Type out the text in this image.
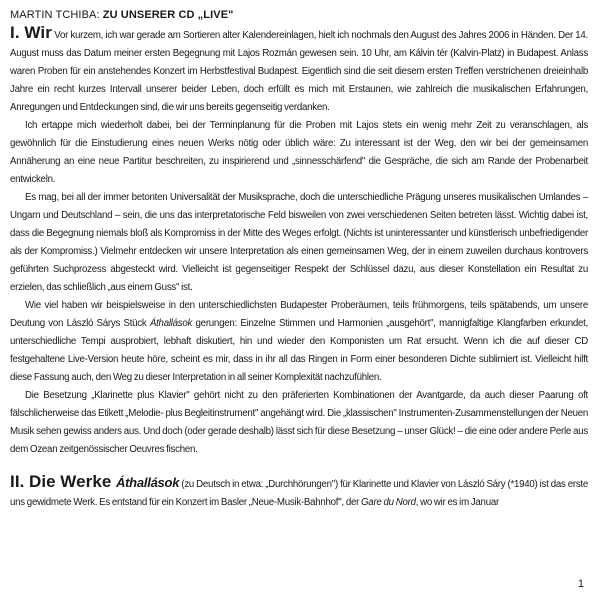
MARTIN TCHIBA: ZU UNSERER CD „LIVE"

I. Wir Vor kurzem, ich war gerade am Sortieren alter Kalendereinlagen, hielt ich nochmals den August des Jahres 2006 in Händen. Der 14. August muss das Datum meiner ersten Begegnung mit Lajos Rozmán gewesen sein. 10 Uhr, am Kálvin tér (Kalvin-Platz) in Budapest. Anlass waren Proben für ein anstehendes Konzert im Herbstfestival Budapest. Eigentlich sind die seit diesem ersten Treffen verstrichenen dreieinhalb Jahre ein recht kurzes Intervall unserer beider Leben, doch erfüllt es mich mit Erstaunen, wie zahlreich die musikalischen Erfahrungen, Anregungen und Entdeckungen sind, die wir uns bereits gegenseitig verdanken.

Ich ertappe mich wiederholt dabei, bei der Terminplanung für die Proben mit Lajos stets ein wenig mehr Zeit zu veranschlagen, als gewöhnlich für die Einstudierung eines neuen Werks nötig oder üblich wäre: Zu interessant ist der Weg, den wir bei der gemeinsamen Annäherung an eine neue Partitur beschreiten, zu inspirierend und „sinnesschärfend" die Gespräche, die sich am Rande der Probenarbeit entwickeln.

Es mag, bei all der immer betonten Universalität der Musiksprache, doch die unterschiedliche Prägung unseres musikalischen Umlandes – Ungarn und Deutschland – sein, die uns das interpretatorische Feld bisweilen von zwei verschiedenen Seiten betreten lässt. Wichtig dabei ist, dass die Begegnung niemals bloß als Kompromiss in der Mitte des Weges erfolgt. (Nichts ist uninteressanter und künstlerisch unbefriedigender als der Kompromiss.) Vielmehr entdecken wir unsere Interpretation als einen gemeinsamen Weg, der in einem zuweilen durchaus kontrovers geführten Suchprozess abgesteckt wird. Vielleicht ist gegenseitiger Respekt der Schlüssel dazu, aus dieser Konstellation ein Resultat zu erzielen, das schließlich „aus einem Guss" ist.

Wie viel haben wir beispielsweise in den unterschiedlichsten Budapester Proberäumen, teils frühmorgens, teils spätabends, um unsere Deutung von László Sárys Stück Áthallások gerungen: Einzelne Stimmen und Harmonien „ausgehört", mannigfaltige Klangfarben erkundet, unterschiedliche Tempi ausprobiert, lebhaft diskutiert, hin und wieder den Komponisten um Rat ersucht. Wenn ich die auf dieser CD festgehaltene Live-Version heute höre, scheint es mir, dass in ihr all das Ringen in Form einer besonderen Dichte sublimiert ist. Vielleicht hilft diese Fassung auch, den Weg zu dieser Interpretation in all seiner Komplexität nachzufühlen.

Die Besetzung „Klarinette plus Klavier" gehört nicht zu den präferierten Kombinationen der Avantgarde, da auch dieser Paarung oft fälschlicherweise das Etikett „Melodie- plus Begleitinstrument" angehängt wird. Die „klassischen" Instrumenten-Zusammenstellungen der Neuen Musik sehen gewiss anders aus. Und doch (oder gerade deshalb) lässt sich für diese Besetzung – unser Glück! – die eine oder andere Perle aus dem Ozean zeitgenössischer Oeuvres fischen.

II. Die Werke Áthallások (zu Deutsch in etwa: „Durchhörungen") für Klarinette und Klavier von László Sáry (*1940) ist das erste uns gewidmete Werk. Es entstand für ein Konzert im Basler „Neue-Musik-Bahnhof", der Gare du Nord, wo wir es im Januar

1
